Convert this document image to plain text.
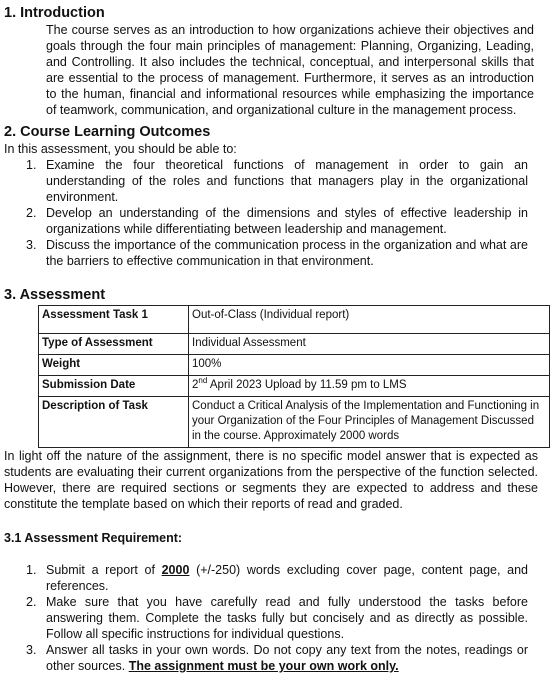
1. Introduction

The course serves as an introduction to how organizations achieve their objectives and goals through the four main principles of management: Planning, Organizing, Leading, and Controlling. It also includes the technical, conceptual, and interpersonal skills that are essential to the process of management. Furthermore, it serves as an introduction to the human, financial and informational resources while emphasizing the importance of teamwork, communication, and organizational culture in the management process.

2. Course Learning Outcomes

In this assessment, you should be able to:

1. Examine the four theoretical functions of management in order to gain an understanding of the roles and functions that managers play in the organizational environment.
2. Develop an understanding of the dimensions and styles of effective leadership in organizations while differentiating between leadership and management.
3. Discuss the importance of the communication process in the organization and what are the barriers to effective communication in that environment.
3. Assessment
Assessment Task 1	Out-of-Class (Individual report)
Type of Assessment	Individual Assessment
Weight	100%
Submission Date	2nd April 2023 Upload by 11.59 pm to LMS
Description of Task	Conduct a Critical Analysis of the Implementation and Functioning in your Organization of the Four Principles of Management Discussed in the course. Approximately 2000 words

In light off the nature of the assignment, there is no specific model answer that is expected as students are evaluating their current organizations from the perspective of the function selected. However, there are required sections or segments they are expected to address and these constitute the template based on which their reports of read and graded.

3.1 Assessment Requirement:

1. Submit a report of 2000 (+/-250) words excluding cover page, content page, and references.
2. Make sure that you have carefully read and fully understood the tasks before answering them. Complete the tasks fully but concisely and as directly as possible. Follow all specific instructions for individual questions.
3. Answer all tasks in your own words. Do not copy any text from the notes, readings or other sources. The assignment must be your own work only.
